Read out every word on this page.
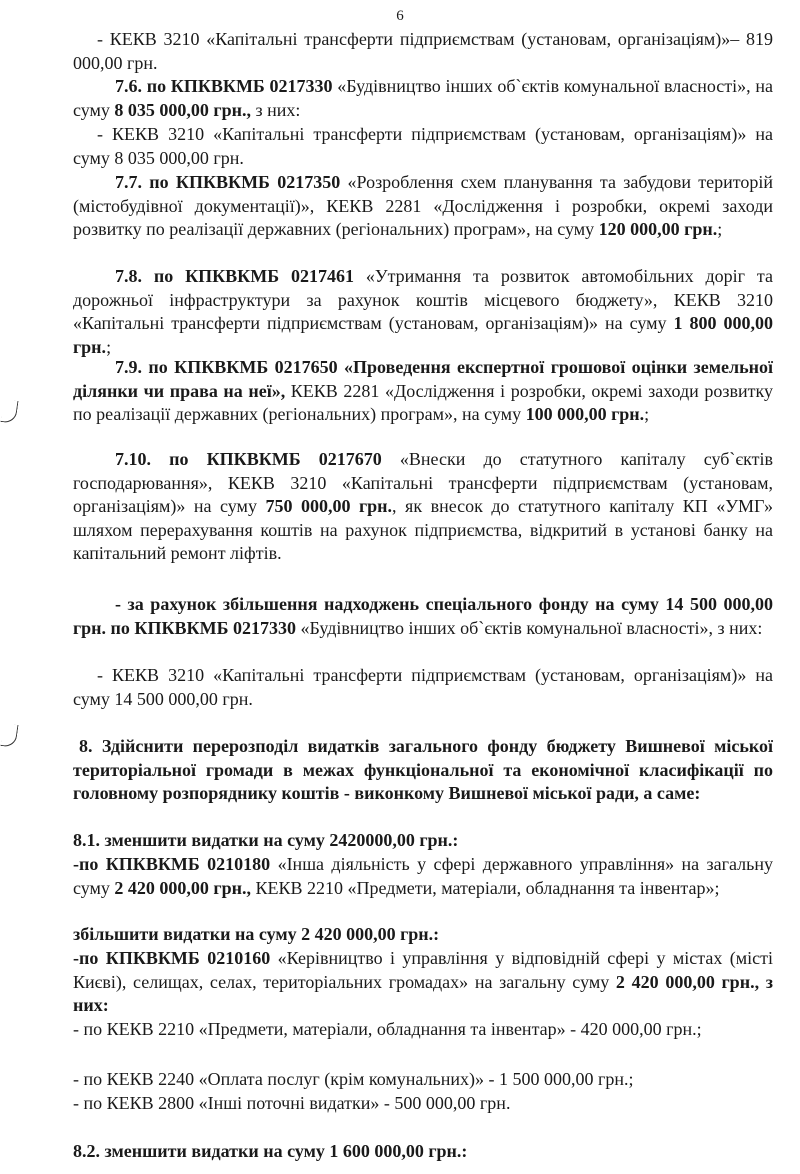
6

- КЕКВ 3210 «Капітальні трансферти підприємствам (установам, організаціям)»– 819 000,00 грн.

7.6. по КПКВКМБ 0217330 «Будівництво інших об`єктів комунальної власності», на суму 8 035 000,00 грн., з них:

- КЕКВ 3210 «Капітальні трансферти підприємствам (установам, організаціям)» на суму 8 035 000,00 грн.

7.7. по КПКВКМБ 0217350 «Розроблення схем планування та забудови територій (містобудівної документації)», КЕКВ 2281 «Дослідження і розробки, окремі заходи розвитку по реалізації державних (регіональних) програм», на суму 120 000,00 грн.;

7.8. по КПКВКМБ 0217461 «Утримання та розвиток автомобільних доріг та дорожньої інфраструктури за рахунок коштів місцевого бюджету», КЕКВ 3210 «Капітальні трансферти підприємствам (установам, організаціям)» на суму 1 800 000,00 грн.;

7.9. по КПКВКМБ 0217650 «Проведення експертної грошової оцінки земельної ділянки чи права на неї», КЕКВ 2281 «Дослідження і розробки, окремі заходи розвитку по реалізації державних (регіональних) програм», на суму 100 000,00 грн.;

7.10. по КПКВКМБ 0217670 «Внески до статутного капіталу суб`єктів господарювання», КЕКВ 3210 «Капітальні трансферти підприємствам (установам, організаціям)» на суму 750 000,00 грн., як внесок до статутного капіталу КП «УМГ» шляхом перерахування коштів на рахунок підприємства, відкритий в установі банку на капітальний ремонт ліфтів.

- за рахунок збільшення надходжень спеціального фонду на суму 14 500 000,00 грн. по КПКВКМБ 0217330 «Будівництво інших об`єктів комунальної власності», з них:

- КЕКВ 3210 «Капітальні трансферти підприємствам (установам, організаціям)» на суму 14 500 000,00 грн.

8. Здійснити перерозподіл видатків загального фонду бюджету Вишневої міської територіальної громади в межах функціональної та економічної класифікації по головному розпоряднику коштів - виконкому Вишневої міської ради, а саме:

8.1. зменшити видатки на суму 2420000,00 грн.:

-по КПКВКМБ 0210180 «Інша діяльність у сфері державного управління» на загальну суму 2 420 000,00 грн., КЕКВ 2210 «Предмети, матеріали, обладнання та інвентар»;

збільшити видатки на суму 2 420 000,00 грн.:

-по КПКВКМБ 0210160 «Керівництво і управління у відповідній сфері у містах (місті Києві), селищах, селах, територіальних громадах» на загальну суму 2 420 000,00 грн., з них:

- по КЕКВ 2210 «Предмети, матеріали, обладнання та інвентар» - 420 000,00 грн.;

- по КЕКВ 2240 «Оплата послуг (крім комунальних)» - 1 500 000,00 грн.;

- по КЕКВ 2800 «Інші поточні видатки» - 500 000,00 грн.

8.2. зменшити видатки на суму 1 600 000,00 грн.:
